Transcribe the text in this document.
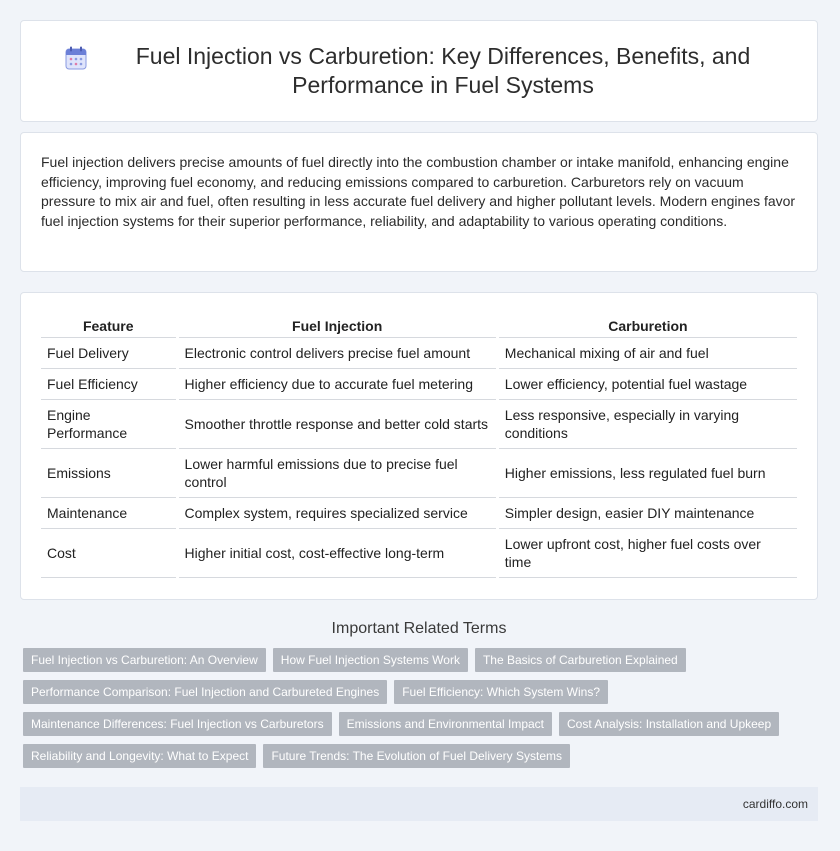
Fuel Injection vs Carburetion: Key Differences, Benefits, and Performance in Fuel Systems

Fuel injection delivers precise amounts of fuel directly into the combustion chamber or intake manifold, enhancing engine efficiency, improving fuel economy, and reducing emissions compared to carburetion. Carburetors rely on vacuum pressure to mix air and fuel, often resulting in less accurate fuel delivery and higher pollutant levels. Modern engines favor fuel injection systems for their superior performance, reliability, and adaptability to various operating conditions.

Feature	Fuel Injection	Carburetion
Fuel Delivery	Electronic control delivers precise fuel amount	Mechanical mixing of air and fuel
Fuel Efficiency	Higher efficiency due to accurate fuel metering	Lower efficiency, potential fuel wastage
Engine Performance	Smoother throttle response and better cold starts	Less responsive, especially in varying conditions
Emissions	Lower harmful emissions due to precise fuel control	Higher emissions, less regulated fuel burn
Maintenance	Complex system, requires specialized service	Simpler design, easier DIY maintenance
Cost	Higher initial cost, cost-effective long-term	Lower upfront cost, higher fuel costs over time
Important Related Terms
Fuel Injection vs Carburetion: An Overview	How Fuel Injection Systems Work	The Basics of Carburetion Explained
Performance Comparison: Fuel Injection and Carbureted Engines	Fuel Efficiency: Which System Wins?
Maintenance Differences: Fuel Injection vs Carburetors	Emissions and Environmental Impact	Cost Analysis: Installation and Upkeep
Reliability and Longevity: What to Expect	Future Trends: The Evolution of Fuel Delivery Systems
cardiffo.com
